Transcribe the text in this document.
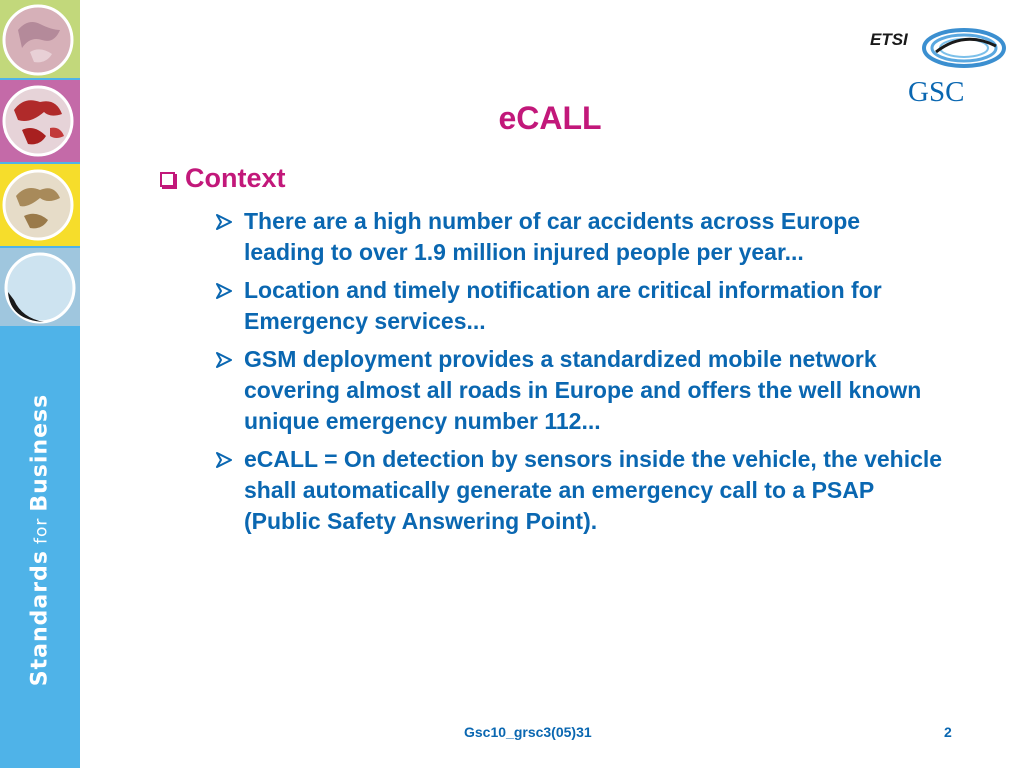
StandardsforBusiness
ETSI
GSC
eCALL
Context
There are a high number of car accidents across Europe leading to over 1.9 million injured people per year...
Location and timely notification are critical information for Emergency services...
GSM deployment provides a standardized mobile network covering almost all roads in Europe and offers the well known unique emergency number 112...
eCALL = On detection by sensors inside the vehicle, the vehicle shall automatically generate an emergency call to a PSAP (Public Safety Answering Point).
Gsc10_grsc3(05)31	2
